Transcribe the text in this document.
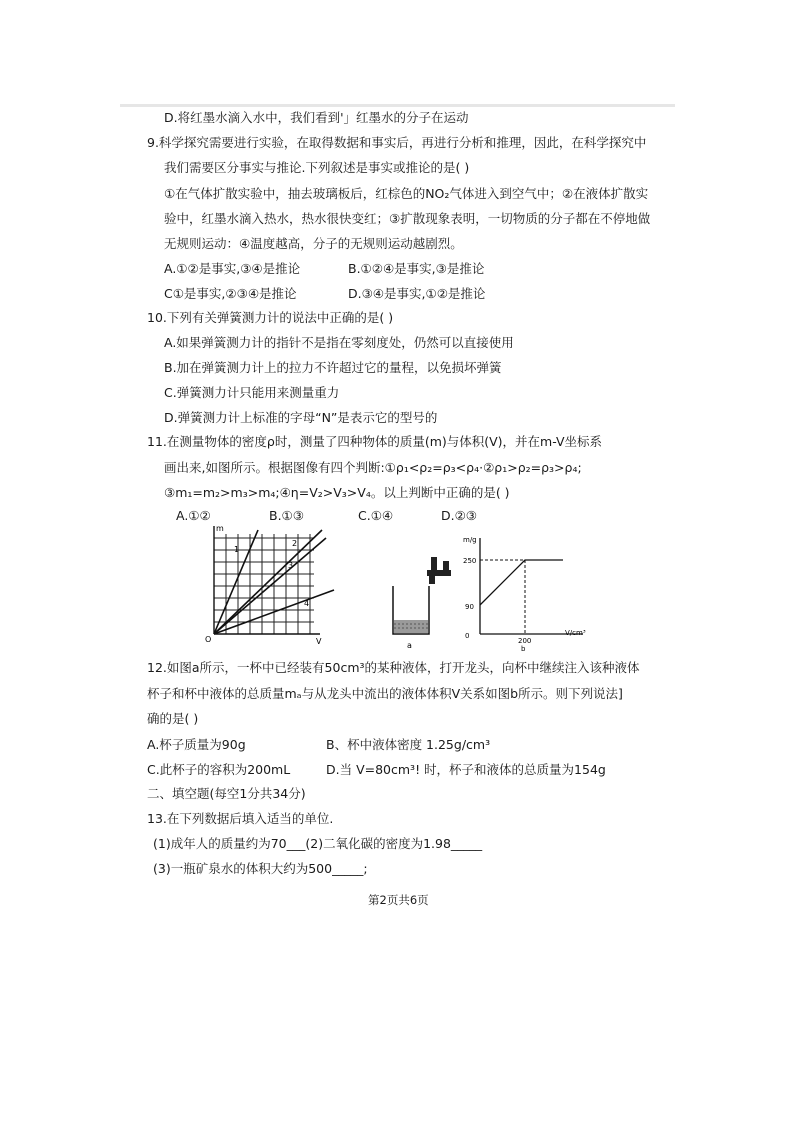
D.将红墨水滴入水中，我们看到'」红墨水的分子在运动
9.科学探究需要进行实验，在取得数据和事实后，再进行分析和推理，因此，在科学探究中
我们需要区分事实与推论.下列叙述是事实或推论的是( )
①在气体扩散实验中，抽去玻璃板后，红棕色的NO₂气体进入到空气中；②在液体扩散实
验中，红墨水滴入热水，热水很快变红；③扩散现象表明，一切物质的分子都在不停地做
无规则运动：④温度越高，分子的无规则运动越剧烈。
A.①②是事实,③④是推论	B.①②④是事实,③是推论
C①是事实,②③④是推论	D.③④是事实,①②是推论
10.下列有关弹簧测力计的说法中正确的是( )
A.如果弹簧测力计的指针不是指在零刻度处，仍然可以直接使用
B.加在弹簧测力计上的拉力不许超过它的量程，以免损坏弹簧
C.弹簧测力计只能用来测量重力
D.弹簧测力计上标准的字母“N”是表示它的型号的
11.在测量物体的密度ρ时，测量了四种物体的质量(m)与体积(V)，并在m-V坐标系
画出来,如图所示。根据图像有四个判断:①ρ₁<ρ₂=ρ₃<ρ₄·②ρ₁>ρ₂=ρ₃>ρ₄;
③m₁=m₂>m₃>m₄;④η=V₂>V₃>V₄。以上判断中正确的是( )
A.①②	B.①③	C.①④	D.②③
m
V
O
1
2
3
4
a
m/g
250
90
0
200
V/cm³
b
12.如图a所示，一杯中已经装有50cm³的某种液体，打开龙头，向杯中继续注入该种液体
杯子和杯中液体的总质量mₐ与从龙头中流出的液体体积V关系如图b所示。则下列说法]
确的是( )
A.杯子质量为90g	B、杯中液体密度 1.25g/cm³
C.此杯子的容积为200mL	D.当 V=80cm³! 时，杯子和液体的总质量为154g
二、填空题(每空1分共34分)
13.在下列数据后填入适当的单位.
(1)成年人的质量约为70___(2)二氧化碳的密度为1.98_____
(3)一瓶矿泉水的体积大约为500_____;
第2页共6页
